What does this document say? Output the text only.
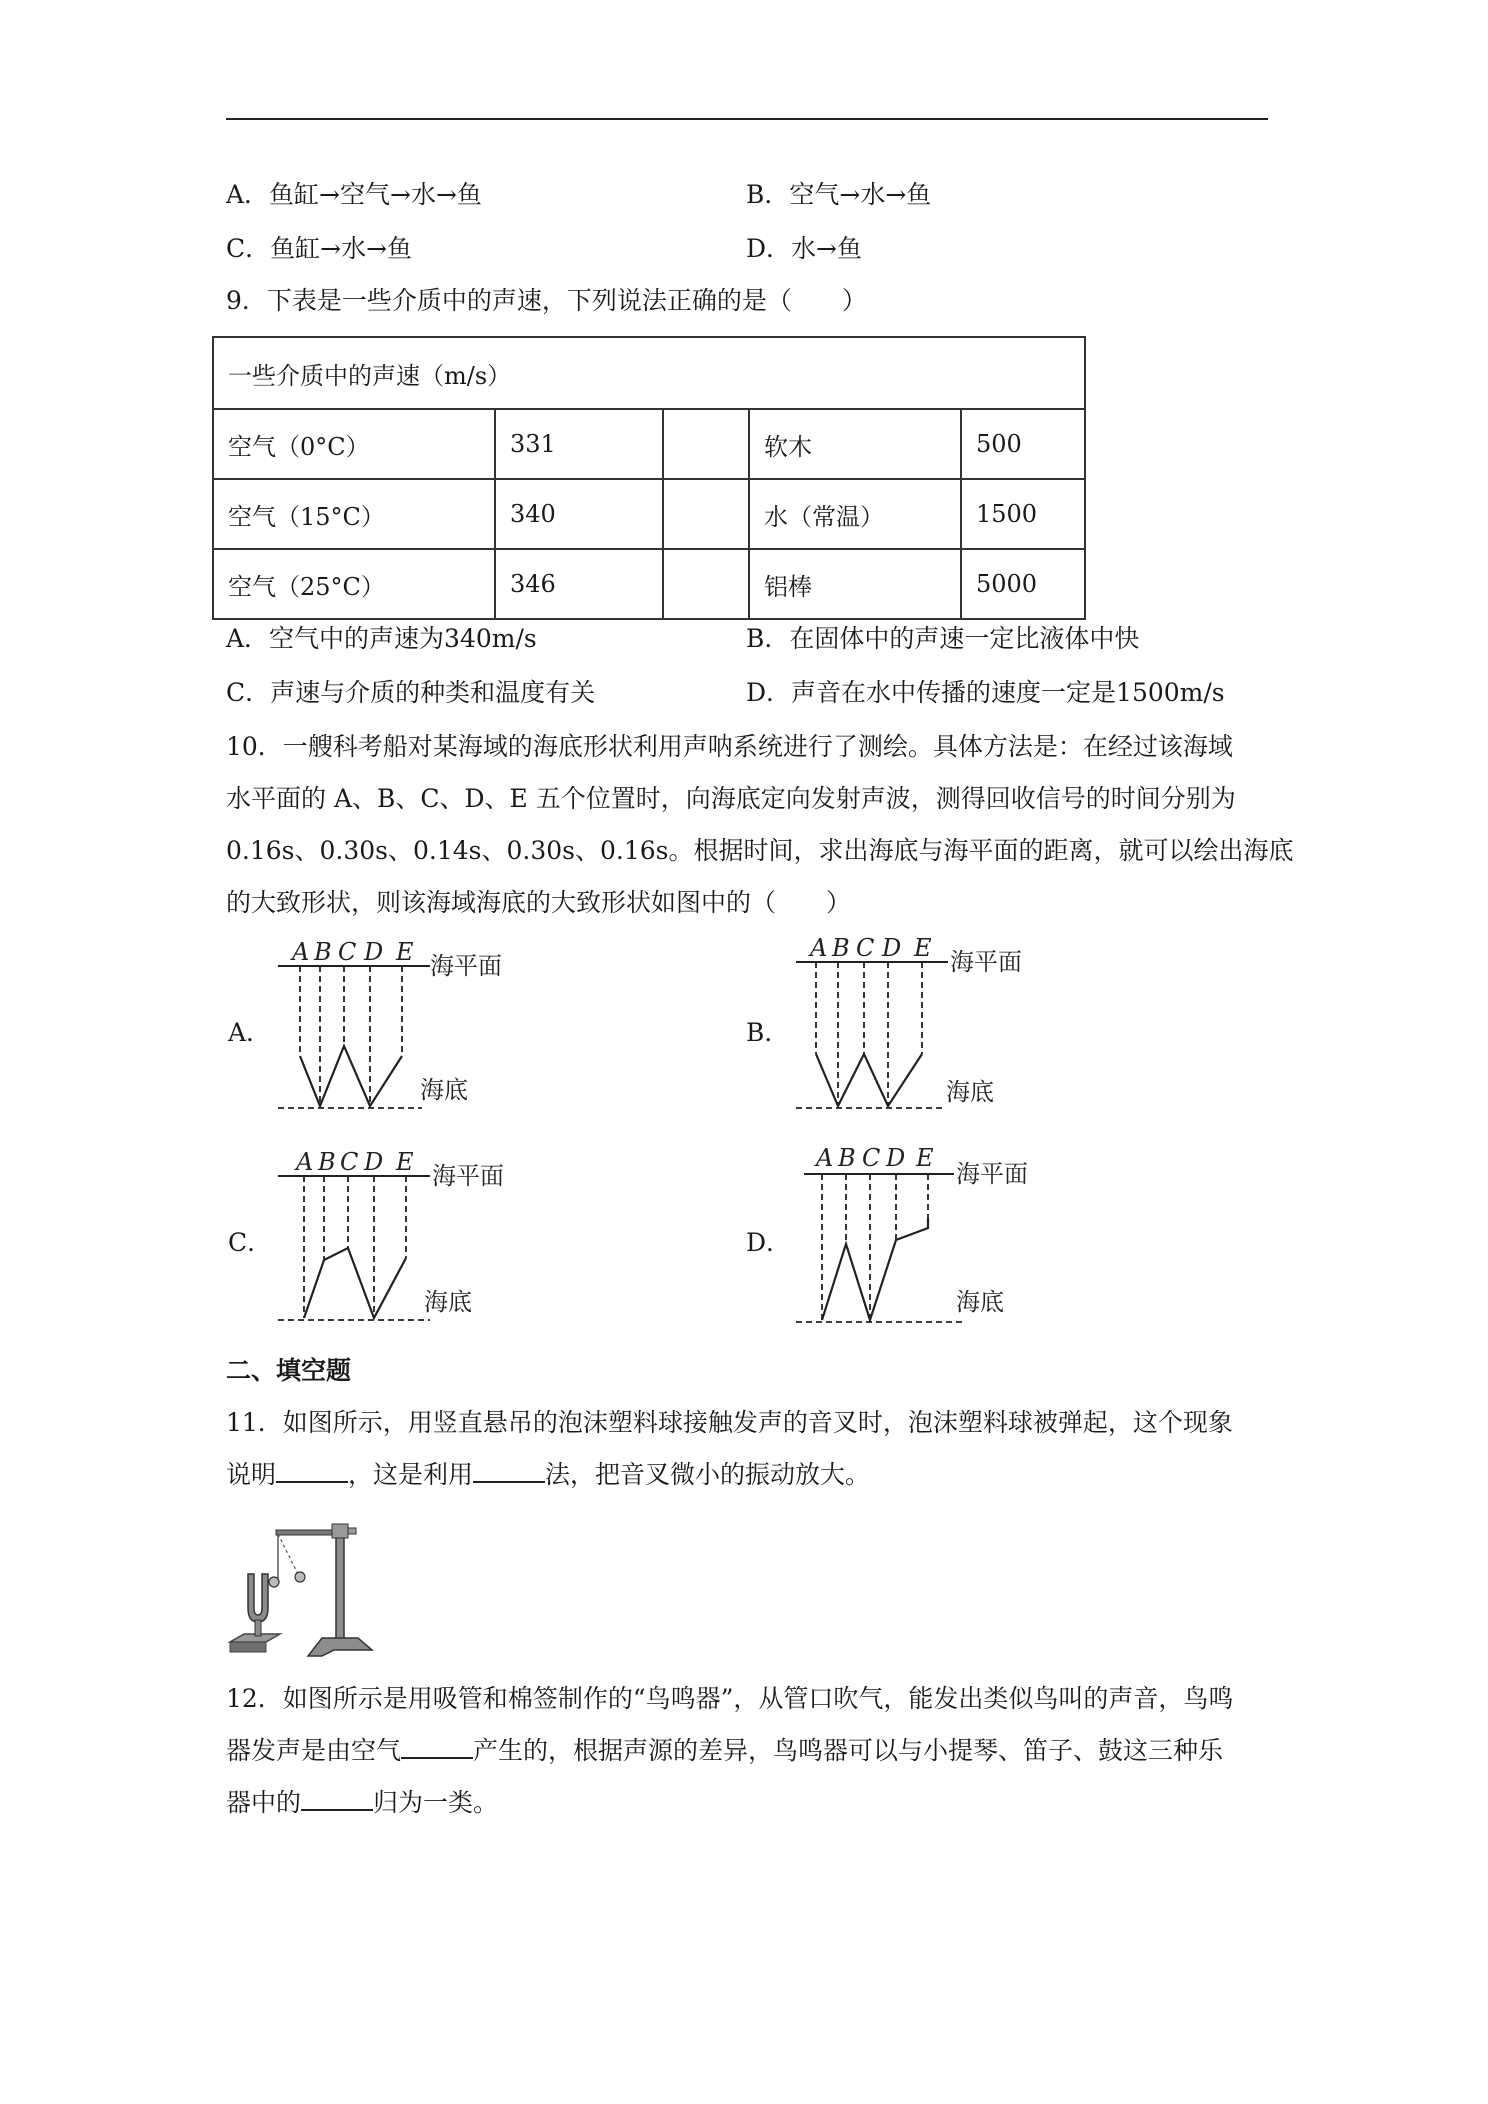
A．鱼缸→空气→水→鱼	B．空气→水→鱼
C．鱼缸→水→鱼	D．水→鱼
9．下表是一些介质中的声速，下列说法正确的是（　　）
一些介质中的声速（m/s）				
空气（0°C）	331		软木	500
空气（15°C）	340		水（常温）	1500
空气（25°C）	346		铝棒	5000
A．空气中的声速为340m/s	B．在固体中的声速一定比液体中快
C．声速与介质的种类和温度有关	D．声音在水中传播的速度一定是1500m/s
10．一艘科考船对某海域的海底形状利用声呐系统进行了测绘。具体方法是：在经过该海域
水平面的 A、B、C、D、E 五个位置时，向海底定向发射声波，测得回收信号的时间分别为
0.16s、0.30s、0.14s、0.30s、0.16s。根据时间，求出海底与海平面的距离，就可以绘出海底
的大致形状，则该海域海底的大致形状如图中的（　　）
A．	B．
C．	D．
A B C D E 海平面
海底
A B C D E 海平面
海底
A B C D E 海平面
海底
A B C D E
海平面
海底
二、填空题
11．如图所示，用竖直悬吊的泡沫塑料球接触发声的音叉时，泡沫塑料球被弹起，这个现象
说明	，这是利用	法，把音叉微小的振动放大。
12．如图所示是用吸管和棉签制作的“鸟鸣器”，从管口吹气，能发出类似鸟叫的声音，鸟鸣
器发声是由空气	产生的，根据声源的差异，鸟鸣器可以与小提琴、笛子、鼓这三种乐
器中的	归为一类。
